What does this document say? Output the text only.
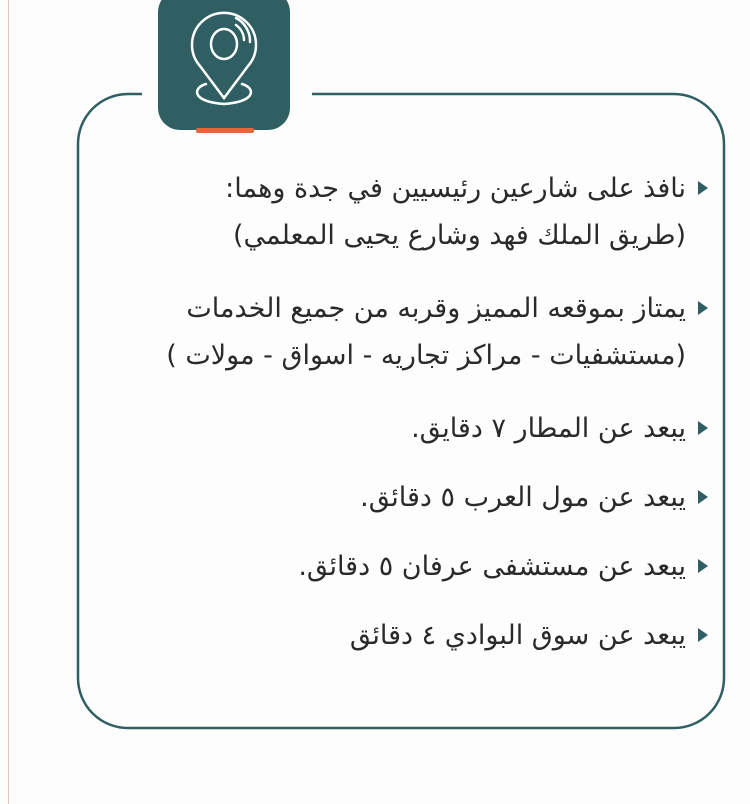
نافذ على شارعين رئيسيين في جدة وهما:
(طريق الملك فهد وشارع يحيى المعلمي)
يمتاز بموقعه المميز وقربه من جميع الخدمات
(مستشفيات - مراكز تجاريه - اسواق - مولات )
يبعد عن المطار ٧ دقايق.
يبعد عن مول العرب ٥ دقائق.
يبعد عن مستشفى عرفان ٥ دقائق.
يبعد عن سوق البوادي ٤ دقائق
